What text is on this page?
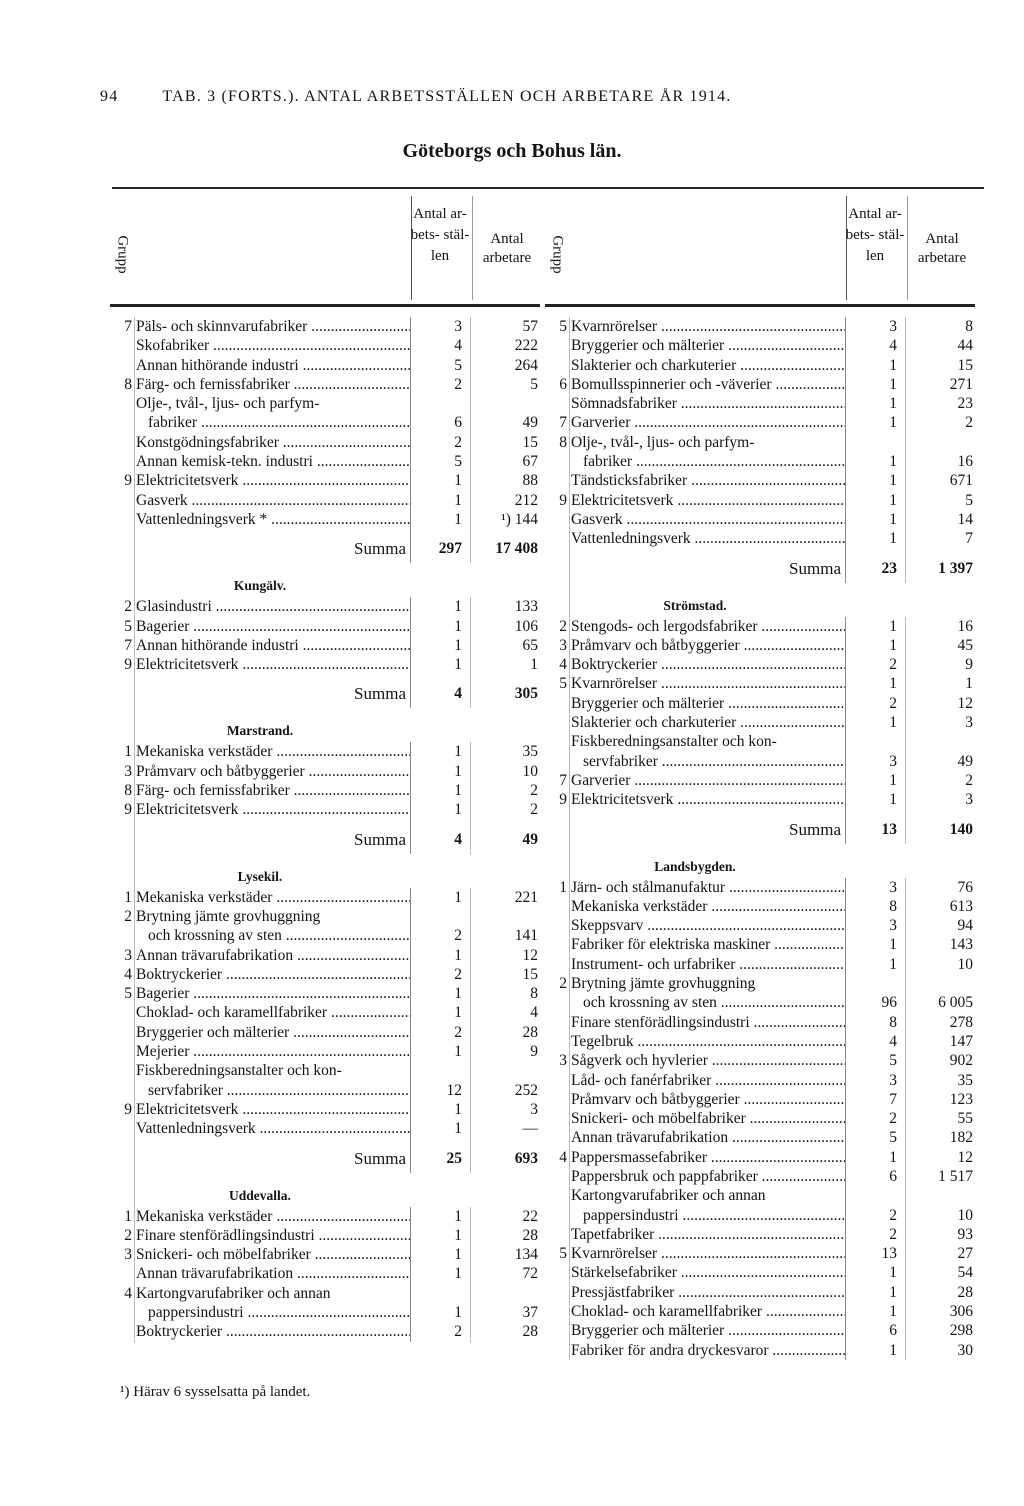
94	TAB. 3 (FORTS.). ANTAL ARBETSSTÄLLEN OCH ARBETARE ÅR 1914.
Göteborgs och Bohus län.
Grupp
Antal ar- bets- stäl- len
Antal arbetare
7 Päls- och skinnvarufabriker .....	3	57
Skofabriker .....	4	222
Annan hithörande industri .....	5	264
8 Färg- och fernissfabriker .....	2	5
Olje-, tvål-, ljus- och parfym-
fabriker .....	6	49
Konstgödningsfabriker .....	2	15
Annan kemisk-tekn. industri .....	5	67
9 Elektricitetsverk .....	1	88
Gasverk .....	1	212
Vattenledningsverk * .....	1	¹) 144
Summa	297	17 408
Kungälv.
2 Glasindustri .....	1	133
5 Bagerier .....	1	106
7 Annan hithörande industri .....	1	65
9 Elektricitetsverk .....	1	1
Summa	4	305
Marstrand.
1 Mekaniska verkstäder .....	1	35
3 Pråmvarv och båtbyggerier .....	1	10
8 Färg- och fernissfabriker .....	1	2
9 Elektricitetsverk .....	1	2
Summa	4	49
Lysekil.
1 Mekaniska verkstäder .....	1	221
2 Brytning jämte grovhuggning
och krossning av sten .....	2	141
3 Annan trävarufabrikation .....	1	12
4 Boktryckerier .....	2	15
5 Bagerier .....	1	8
Choklad- och karamellfabriker .....	1	4
Bryggerier och mälterier .....	2	28
Mejerier .....	1	9
Fiskberedningsanstalter och kon-
servfabriker .....	12	252
9 Elektricitetsverk .....	1	3
Vattenledningsverk .....	1	—
Summa	25	693
Uddevalla.
1 Mekaniska verkstäder .....	1	22
2 Finare stenförädlingsindustri .....	1	28
3 Snickeri- och möbelfabriker .....	1	134
Annan trävarufabrikation .....	1	72
4 Kartongvarufabriker och annan
pappersindustri .....	1	37
Boktryckerier .....	2	28
Grupp
Antal ar- bets- stäl- len
Antal arbetare
5 Kvarnrörelser .....	3	8
Bryggerier och mälterier .....	4	44
Slakterier och charkuterier .....	1	15
6 Bomullsspinnerier och -väverier .....	1	271
Sömnadsfabriker .....	1	23
7 Garverier .....	1	2
8 Olje-, tvål-, ljus- och parfym-
fabriker .....	1	16
Tändsticksfabriker .....	1	671
9 Elektricitetsverk .....	1	5
Gasverk .....	1	14
Vattenledningsverk .....	1	7
Summa	23	1 397
Strömstad.
2 Stengods- och lergodsfabriker .....	1	16
3 Pråmvarv och båtbyggerier .....	1	45
4 Boktryckerier .....	2	9
5 Kvarnrörelser .....	1	1
Bryggerier och mälterier .....	2	12
Slakterier och charkuterier .....	1	3
Fiskberedningsanstalter och kon-
servfabriker .....	3	49
7 Garverier .....	1	2
9 Elektricitetsverk .....	1	3
Summa	13	140
Landsbygden.
1 Järn- och stålmanufaktur .....	3	76
Mekaniska verkstäder .....	8	613
Skeppsvarv .....	3	94
Fabriker för elektriska maskiner .....	1	143
Instrument- och urfabriker .....	1	10
2 Brytning jämte grovhuggning
och krossning av sten .....	96	6 005
Finare stenförädlingsindustri .....	8	278
Tegelbruk .....	4	147
3 Sågverk och hyvlerier .....	5	902
Låd- och fanérfabriker .....	3	35
Pråmvarv och båtbyggerier .....	7	123
Snickeri- och möbelfabriker .....	2	55
Annan trävarufabrikation .....	5	182
4 Pappersmassefabriker .....	1	12
Pappersbruk och pappfabriker .....	6	1 517
Kartongvarufabriker och annan
pappersindustri .....	2	10
Tapetfabriker .....	2	93
5 Kvarnrörelser .....	13	27
Stärkelsefabriker .....	1	54
Pressjästfabriker .....	1	28
Choklad- och karamellfabriker .....	1	306
Bryggerier och mälterier .....	6	298
Fabriker för andra dryckesvaror .....	1	30
¹) Härav 6 sysselsatta på landet.
